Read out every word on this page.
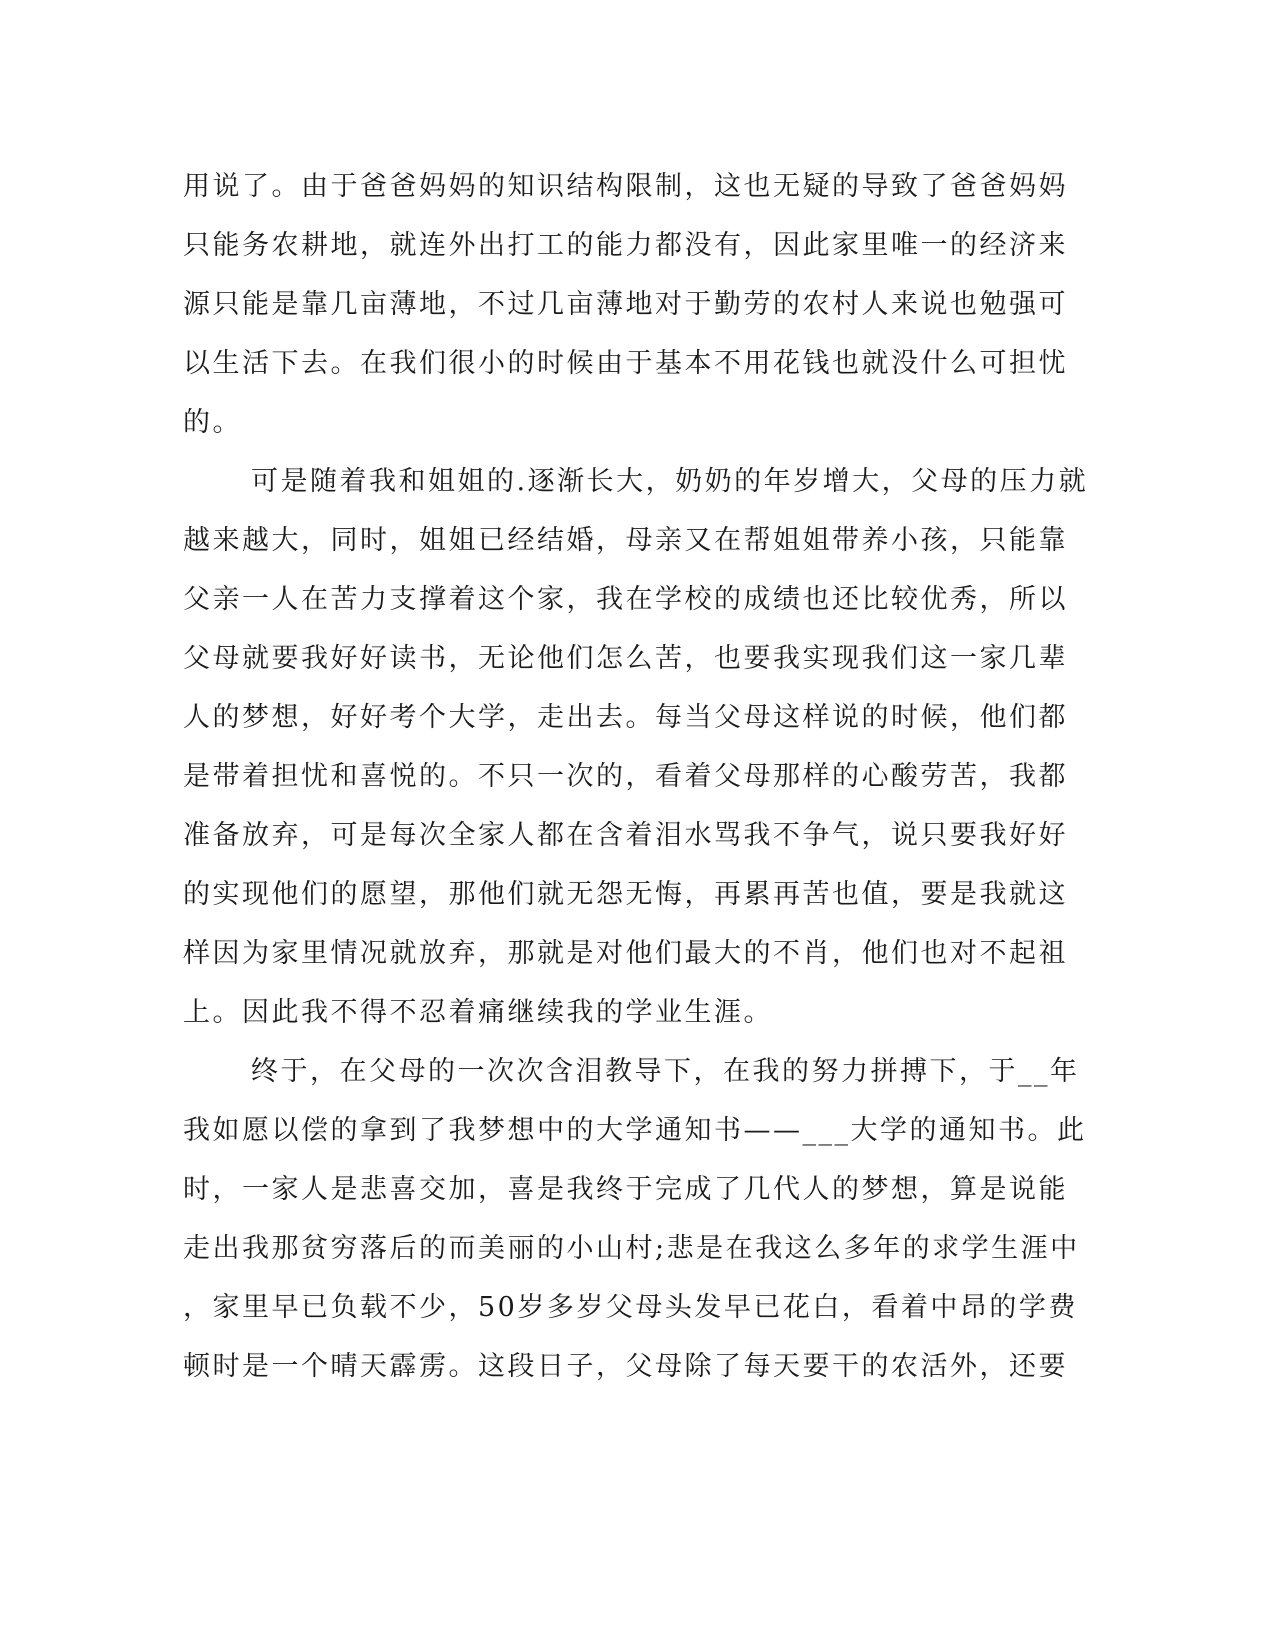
用说了。由于爸爸妈妈的知识结构限制，这也无疑的导致了爸爸妈妈
只能务农耕地，就连外出打工的能力都没有，因此家里唯一的经济来
源只能是靠几亩薄地，不过几亩薄地对于勤劳的农村人来说也勉强可
以生活下去。在我们很小的时候由于基本不用花钱也就没什么可担忧
的。
可是随着我和姐姐的.逐渐长大，奶奶的年岁增大，父母的压力就
越来越大，同时，姐姐已经结婚，母亲又在帮姐姐带养小孩，只能靠
父亲一人在苦力支撑着这个家，我在学校的成绩也还比较优秀，所以
父母就要我好好读书，无论他们怎么苦，也要我实现我们这一家几辈
人的梦想，好好考个大学，走出去。每当父母这样说的时候，他们都
是带着担忧和喜悦的。不只一次的，看着父母那样的心酸劳苦，我都
准备放弃，可是每次全家人都在含着泪水骂我不争气，说只要我好好
的实现他们的愿望，那他们就无怨无悔，再累再苦也值，要是我就这
样因为家里情况就放弃，那就是对他们最大的不肖，他们也对不起祖
上。因此我不得不忍着痛继续我的学业生涯。
终于，在父母的一次次含泪教导下，在我的努力拼搏下，于__年
我如愿以偿的拿到了我梦想中的大学通知书——___大学的通知书。此
时，一家人是悲喜交加，喜是我终于完成了几代人的梦想，算是说能
走出我那贫穷落后的而美丽的小山村;悲是在我这么多年的求学生涯中
，家里早已负载不少，50岁多岁父母头发早已花白，看着中昂的学费
顿时是一个晴天霹雳。这段日子，父母除了每天要干的农活外，还要
